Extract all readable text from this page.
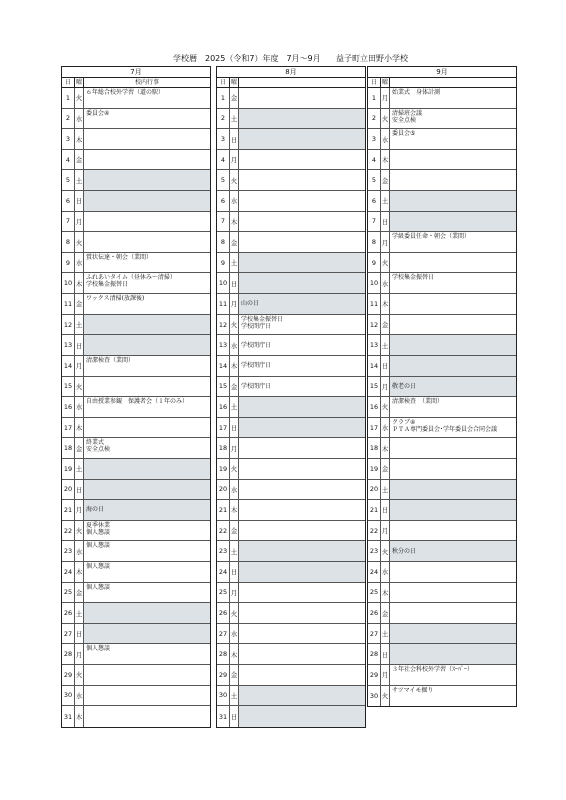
学校暦　2025（令和7）年度　7月～9月 益子町立田野小学校
7月
日 曜	校内行事
1 火
６年総合校外学習（道の駅）
2 水
委員会④
3 木
4 金
5 土
6 日
7 月
8 火
9 水
賞状伝達・朝会（業間）
10 木
ふれあいタイム（昼休み～清掃）
学校集金振替日
11 金
ワックス清掃(放課後)
12 土
13 日
14 月
清潔検査（業間）
15 火
16 水
自由授業参観　保護者会（１年のみ）
17 木
18 金
終業式
安全点検
19 土
20 日
21 月 海の日
22 火
夏季休業
個人懇談
23 水
個人懇談
24 木
個人懇談
25 金
個人懇談
26 土
27 日
28 月
個人懇談
29 火
30 水
31 木
8月
日 曜
1 金
2 土
3 日
4 月
5 火
6 水
7 木
8 金
9 土
10 日
11 月 山の日
12 火
学校集金振替日
学校閉庁日
13 水 学校閉庁日
14 木 学校閉庁日
15 金 学校閉庁日
16 土
17 日
18 月
19 火
20 水
21 木
22 金
23 土
24 日
25 月
26 火
27 水
28 木
29 金
30 土
31 日
9月
日 曜
1 月
始業式　身体計測
2 火
清掃班会議
安全点検
3 水
委員会⑤
4 木
5 金
6 土
7 日
8 月
学級委員任命・朝会（業間）
9 火
10 水
学校集金振替日
11 木
12 金
13 土
14 日
15 月 敬老の日
16 火
清潔検査　（業間）
17 水
クラブ④
ＰＴＡ専門委員会･学年委員会合同会議
18 木
19 金
20 土
21 日
22 月
23 火 秋分の日
24 水
25 木
26 金
27 土
28 日
29 月
３年社会科校外学習（ｽｰﾊﾟｰ）
30 火
サツマイモ掘り
